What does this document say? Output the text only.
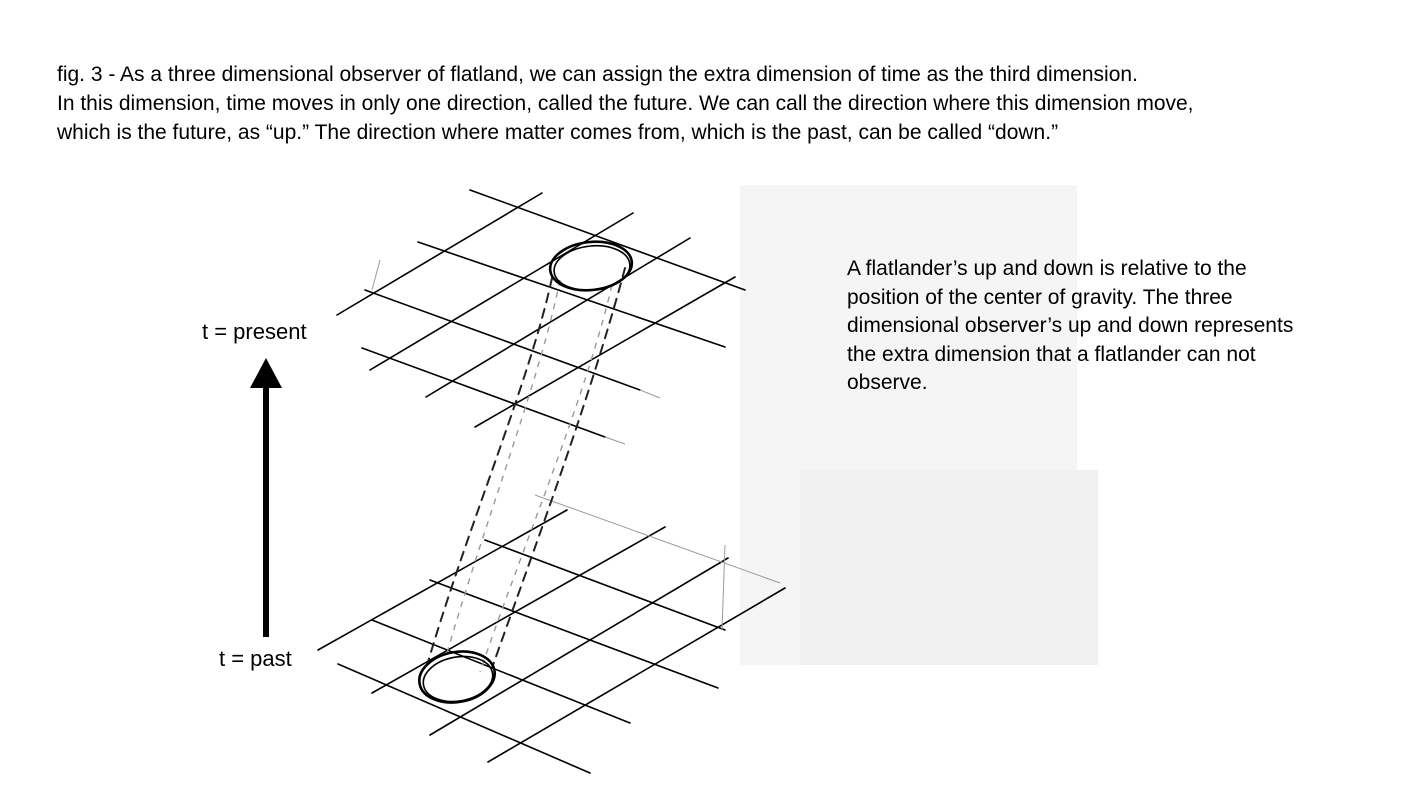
fig. 3 - As a three dimensional observer of flatland, we can assign the extra dimension of time as the third dimension.
In this dimension, time moves in only one direction, called the future. We can call the direction where this dimension move,
which is the future, as “up.” The direction where matter comes from, which is the past, can be called “down.”
t = present
t = past
A flatlander’s up and down is relative to the
position of the center of gravity. The three
dimensional observer’s up and down represents
the extra dimension that a flatlander can not
observe.
